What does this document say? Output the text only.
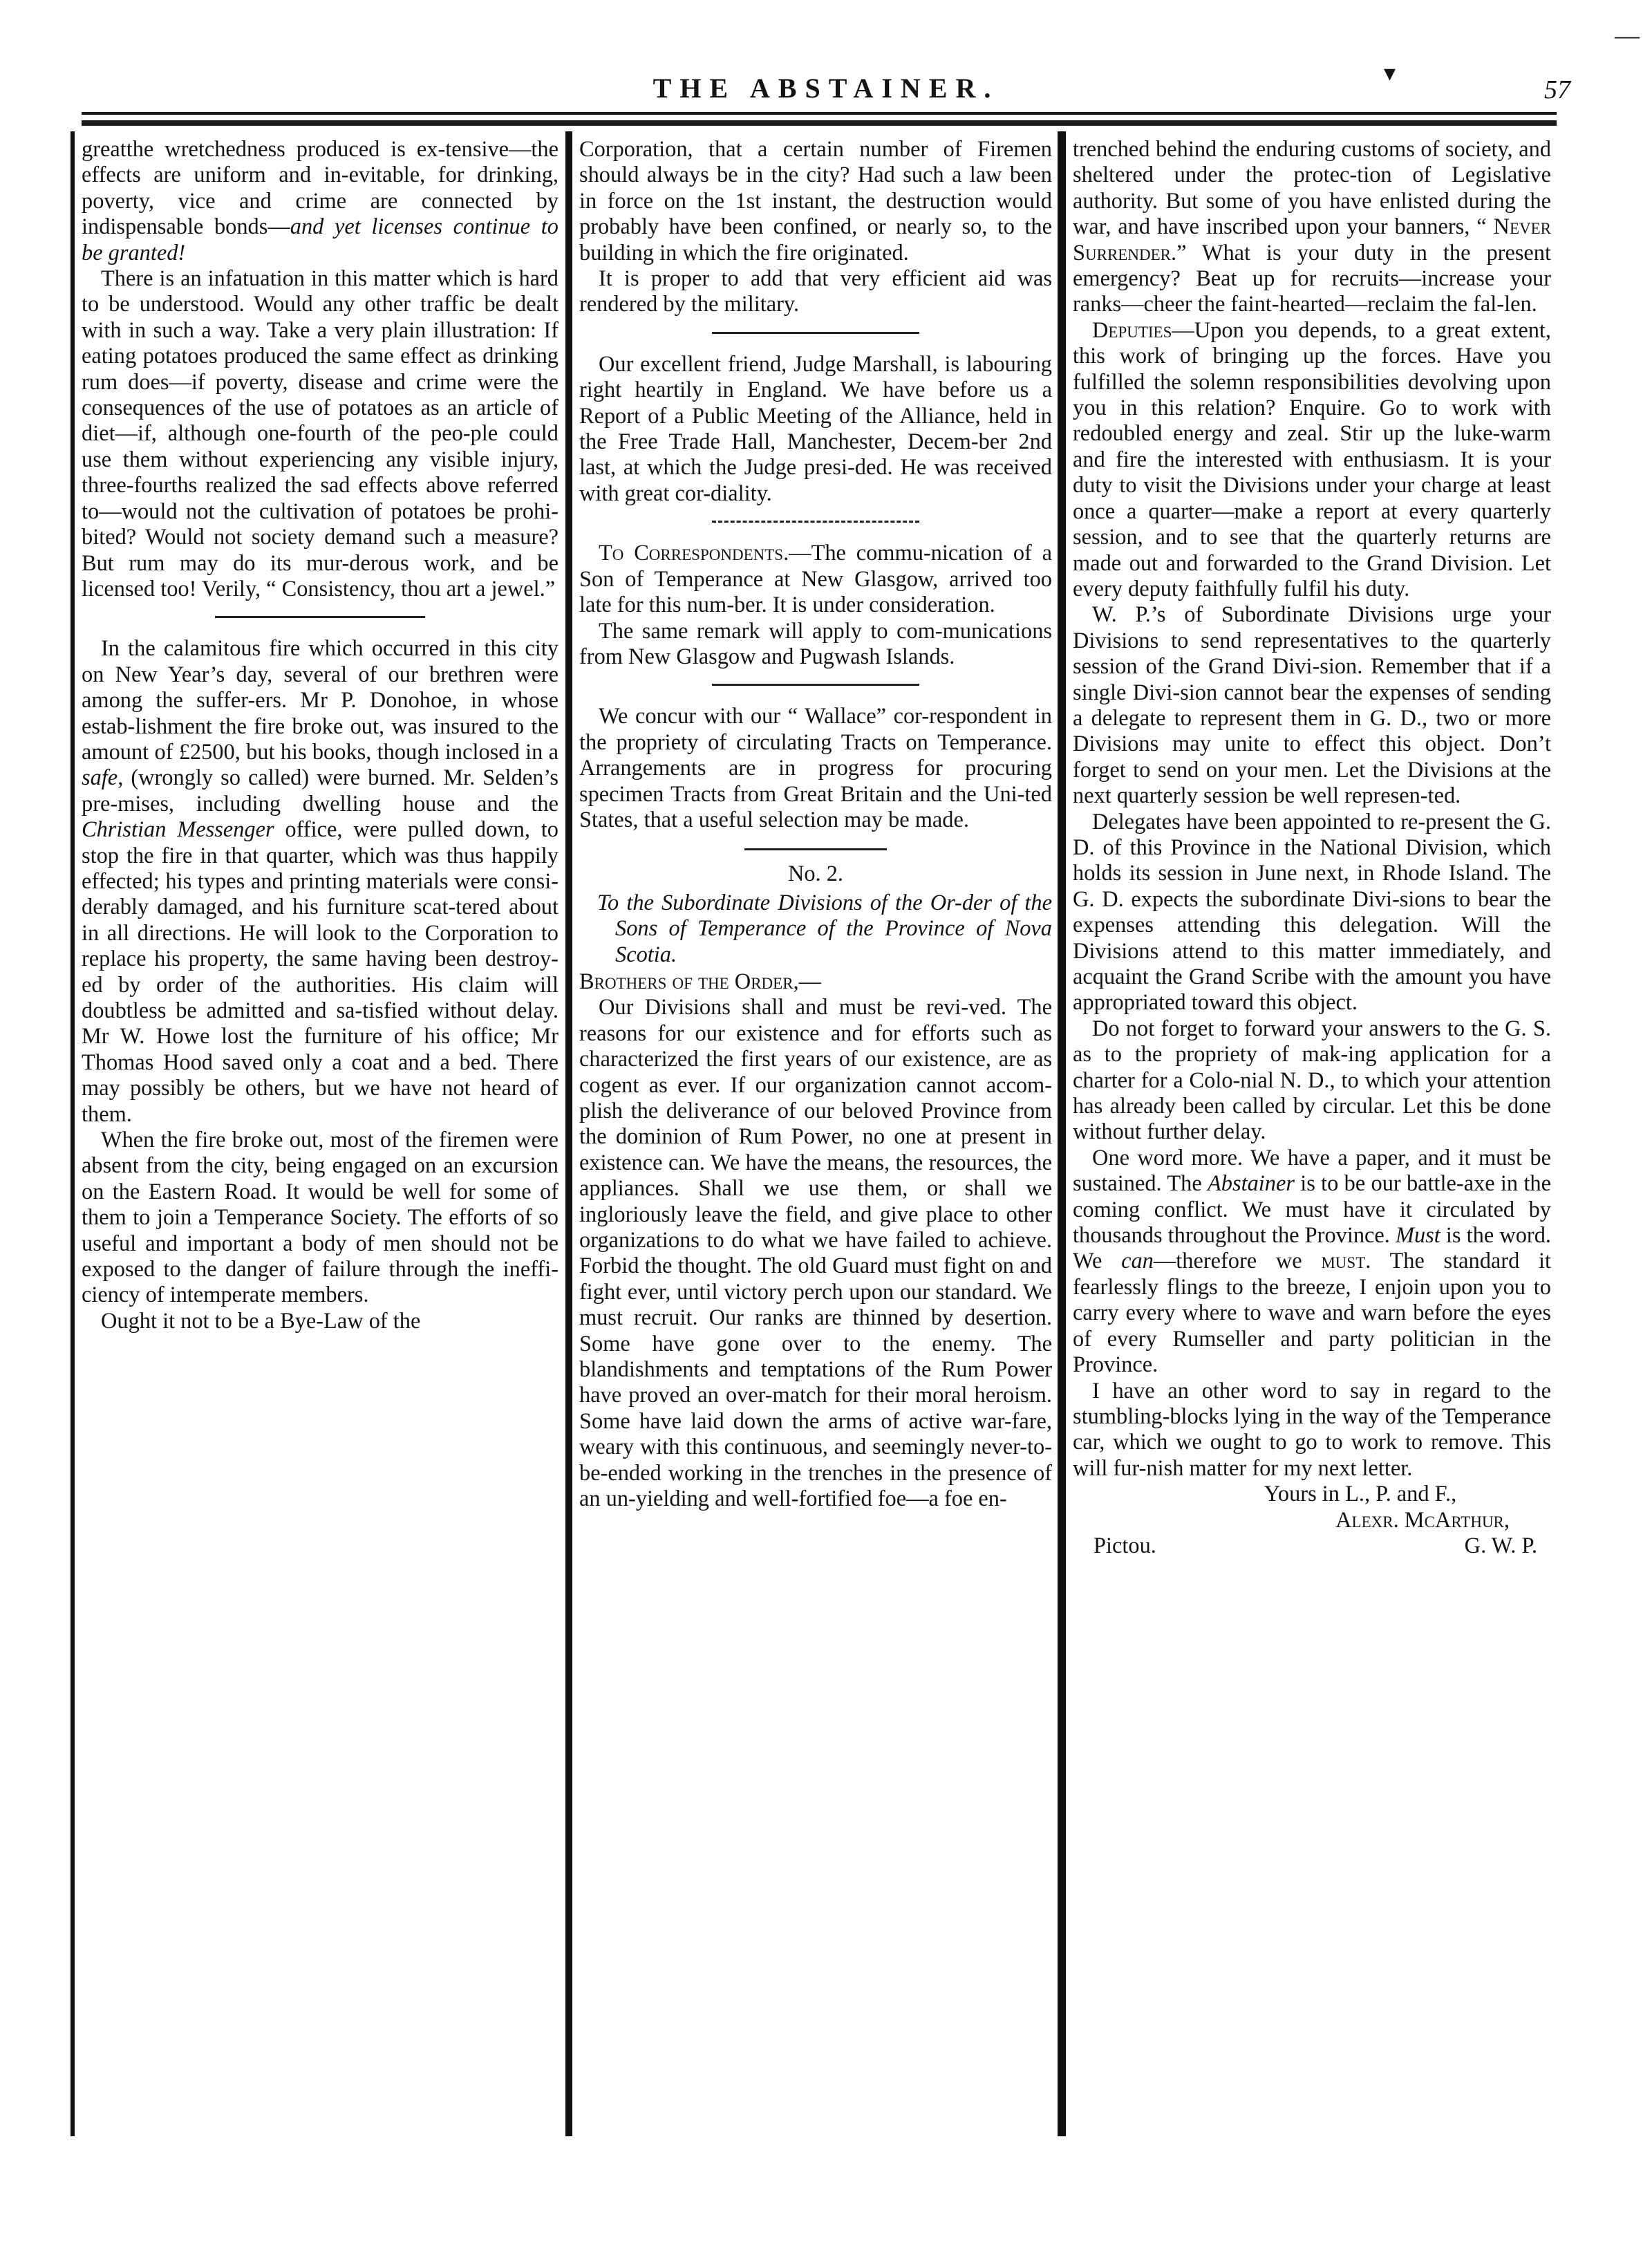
—
THE ABSTAINER.	▾
57

greatthe wretchedness produced is ex-tensive—the effects are uniform and in-evitable, for drinking, poverty, vice and crime are connected by indispensable bonds—and yet licenses continue to be granted!

There is an infatuation in this matter which is hard to be understood. Would any other traffic be dealt with in such a way. Take a very plain illustration: If eating potatoes produced the same effect as drinking rum does—if poverty, disease and crime were the consequences of the use of potatoes as an article of diet—if, although one-fourth of the peo-ple could use them without experiencing any visible injury, three-fourths realized the sad effects above referred to—would not the cultivation of potatoes be prohi-bited? Would not society demand such a measure? But rum may do its mur-derous work, and be licensed too! Verily, “ Consistency, thou art a jewel.”

In the calamitous fire which occurred in this city on New Year’s day, several of our brethren were among the suffer-ers. Mr P. Donohoe, in whose estab-lishment the fire broke out, was insured to the amount of £2500, but his books, though inclosed in a safe, (wrongly so called) were burned. Mr. Selden’s pre-mises, including dwelling house and the Christian Messenger office, were pulled down, to stop the fire in that quarter, which was thus happily effected; his types and printing materials were consi-derably damaged, and his furniture scat-tered about in all directions. He will look to the Corporation to replace his property, the same having been destroy-ed by order of the authorities. His claim will doubtless be admitted and sa-tisfied without delay. Mr W. Howe lost the furniture of his office; Mr Thomas Hood saved only a coat and a bed. There may possibly be others, but we have not heard of them.

When the fire broke out, most of the firemen were absent from the city, being engaged on an excursion on the Eastern Road. It would be well for some of them to join a Temperance Society. The efforts of so useful and important a body of men should not be exposed to the danger of failure through the ineffi-ciency of intemperate members.

Ought it not to be a Bye-Law of the

Corporation, that a certain number of Firemen should always be in the city? Had such a law been in force on the 1st instant, the destruction would probably have been confined, or nearly so, to the building in which the fire originated.

It is proper to add that very efficient aid was rendered by the military.

Our excellent friend, Judge Marshall, is labouring right heartily in England. We have before us a Report of a Public Meeting of the Alliance, held in the Free Trade Hall, Manchester, Decem-ber 2nd last, at which the Judge presi-ded. He was received with great cor-diality.

To Correspondents.—The commu-nication of a Son of Temperance at New Glasgow, arrived too late for this num-ber. It is under consideration.

The same remark will apply to com-munications from New Glasgow and Pugwash Islands.

We concur with our “ Wallace” cor-respondent in the propriety of circulating Tracts on Temperance. Arrangements are in progress for procuring specimen Tracts from Great Britain and the Uni-ted States, that a useful selection may be made.

No. 2.

To the Subordinate Divisions of the Or-der of the Sons of Temperance of the Province of Nova Scotia.

Brothers of the Order,—

Our Divisions shall and must be revi-ved. The reasons for our existence and for efforts such as characterized the first years of our existence, are as cogent as ever. If our organization cannot accom-plish the deliverance of our beloved Province from the dominion of Rum Power, no one at present in existence can. We have the means, the resources, the appliances. Shall we use them, or shall we ingloriously leave the field, and give place to other organizations to do what we have failed to achieve. Forbid the thought. The old Guard must fight on and fight ever, until victory perch upon our standard. We must recruit. Our ranks are thinned by desertion. Some have gone over to the enemy. The blandishments and temptations of the Rum Power have proved an over-match for their moral heroism. Some have laid down the arms of active war-fare, weary with this continuous, and seemingly never-to-be-ended working in the trenches in the presence of an un-yielding and well-fortified foe—a foe en-

trenched behind the enduring customs of society, and sheltered under the protec-tion of Legislative authority. But some of you have enlisted during the war, and have inscribed upon your banners, “ Never Surrender.” What is your duty in the present emergency? Beat up for recruits—increase your ranks—cheer the faint-hearted—reclaim the fal-len.

Deputies—Upon you depends, to a great extent, this work of bringing up the forces. Have you fulfilled the solemn responsibilities devolving upon you in this relation? Enquire. Go to work with redoubled energy and zeal. Stir up the luke-warm and fire the interested with enthusiasm. It is your duty to visit the Divisions under your charge at least once a quarter—make a report at every quarterly session, and to see that the quarterly returns are made out and forwarded to the Grand Division. Let every deputy faithfully fulfil his duty.

W. P.’s of Subordinate Divisions urge your Divisions to send representatives to the quarterly session of the Grand Divi-sion. Remember that if a single Divi-sion cannot bear the expenses of sending a delegate to represent them in G. D., two or more Divisions may unite to effect this object. Don’t forget to send on your men. Let the Divisions at the next quarterly session be well represen-ted.

Delegates have been appointed to re-present the G. D. of this Province in the National Division, which holds its session in June next, in Rhode Island. The G. D. expects the subordinate Divi-sions to bear the expenses attending this delegation. Will the Divisions attend to this matter immediately, and acquaint the Grand Scribe with the amount you have appropriated toward this object.

Do not forget to forward your answers to the G. S. as to the propriety of mak-ing application for a charter for a Colo-nial N. D., to which your attention has already been called by circular. Let this be done without further delay.

One word more. We have a paper, and it must be sustained. The Abstainer is to be our battle-axe in the coming conflict. We must have it circulated by thousands throughout the Province. Must is the word. We can—therefore we must. The standard it fearlessly flings to the breeze, I enjoin upon you to carry every where to wave and warn before the eyes of every Rumseller and party politician in the Province.

I have an other word to say in regard to the stumbling-blocks lying in the way of the Temperance car, which we ought to go to work to remove. This will fur-nish matter for my next letter.

Yours in L., P. and F.,

Alexr. McArthur,

Pictou.	G. W. P.
